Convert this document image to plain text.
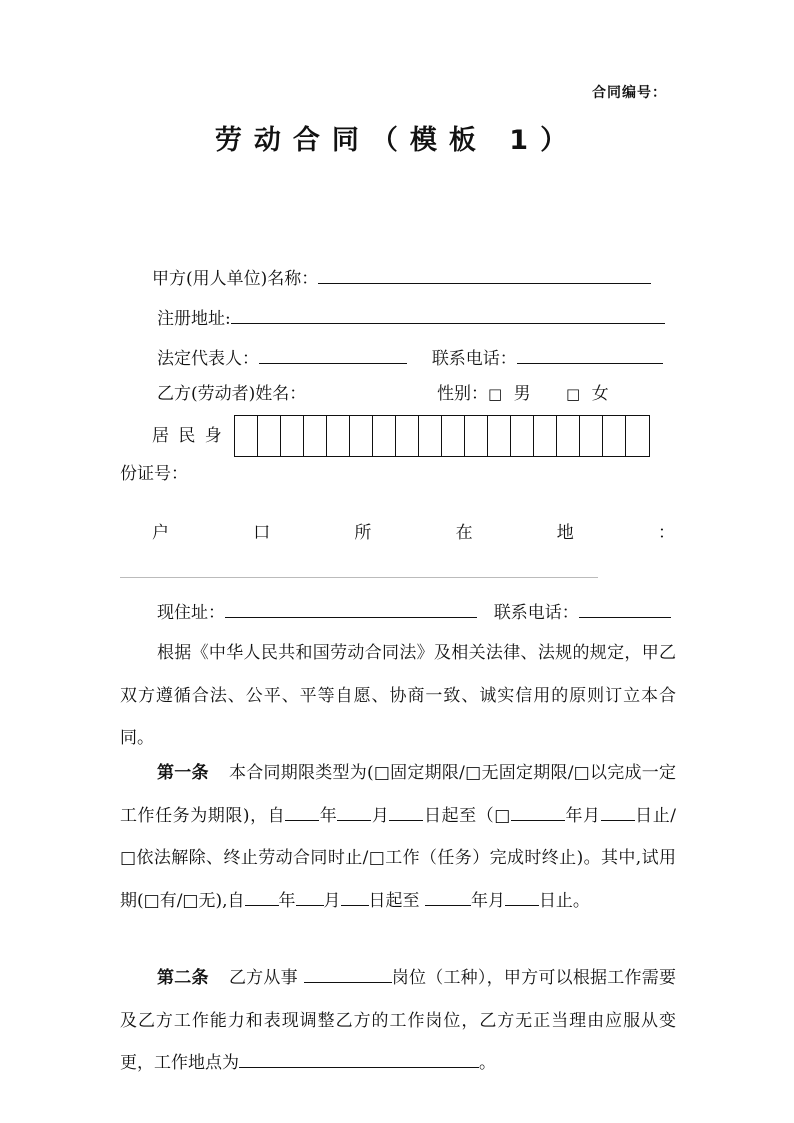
合同编号：
劳动合同（模板 1）
甲方(用人单位)名称：
注册地址:
法定代表人：	联系电话：
乙方(劳动者)姓名：	性别：□ 男 □ 女
居 民 身
份证号：
户	口	所	在	地	：
现住址：	联系电话：
根据《中华人民共和国劳动合同法》及相关法律、法规的规定，甲乙双方遵循合法、公平、平等自愿、协商一致、诚实信用的原则订立本合同。
第一条 本合同期限类型为(□固定期限/□无固定期限/□以完成一定工作任务为期限)，自 年 月 日起至（□	年月 日止/□依法解除、终止劳动合同时止/□工作（任务）完成时终止)。其中,试用期(□有/□无),自 年 月 日起至	年月 日止。
第二条 乙方从事	岗位（工种），甲方可以根据工作需要及乙方工作能力和表现调整乙方的工作岗位，乙方无正当理由应服从变更，工作地点为	。
